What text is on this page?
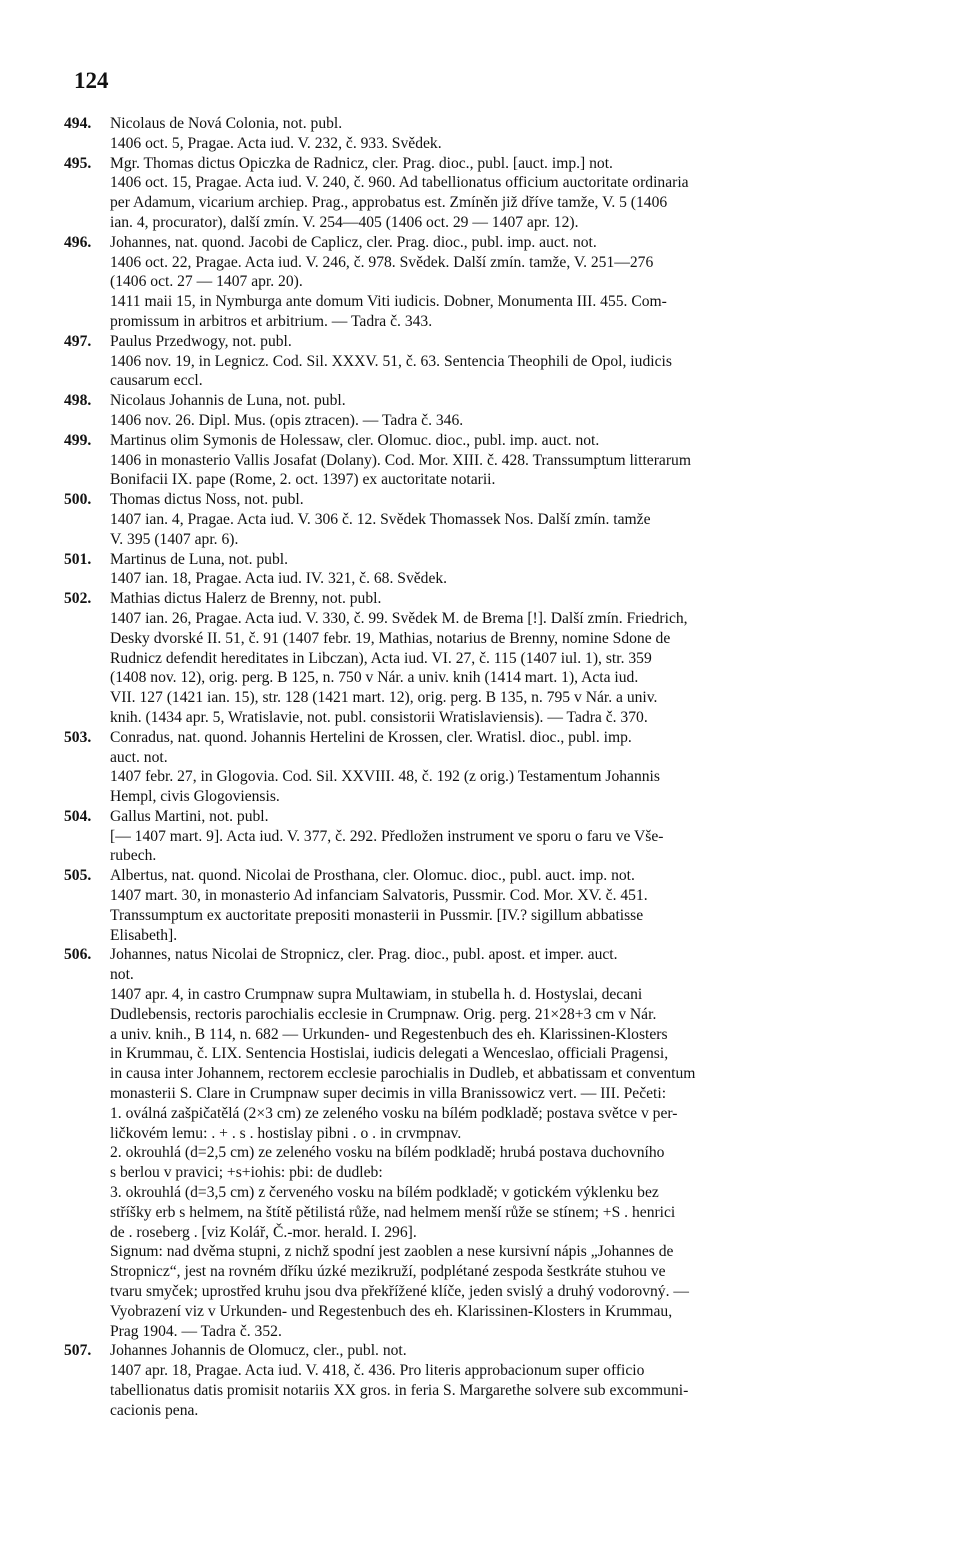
124
494. Nicolaus de Nová Colonia, not. publ.
1406 oct. 5, Pragae. Acta iud. V. 232, č. 933. Svědek.
495. Mgr. Thomas dictus Opiczka de Radnicz, cler. Prag. dioc., publ. [auct. imp.] not.
1406 oct. 15, Pragae. Acta iud. V. 240, č. 960. Ad tabellionatus officium auctoritate ordinaria
per Adamum, vicarium archiep. Prag., approbatus est. Zmíněn již dříve tamže, V. 5 (1406
ian. 4, procurator), další zmín. V. 254—405 (1406 oct. 29 — 1407 apr. 12).
496. Johannes, nat. quond. Jacobi de Caplicz, cler. Prag. dioc., publ. imp. auct. not.
1406 oct. 22, Pragae. Acta iud. V. 246, č. 978. Svědek. Další zmín. tamže, V. 251—276
(1406 oct. 27 — 1407 apr. 20).
1411 maii 15, in Nymburga ante domum Viti iudicis. Dobner, Monumenta III. 455. Com-
promissum in arbitros et arbitrium. — Tadra č. 343.
497. Paulus Przedwogy, not. publ.
1406 nov. 19, in Legnicz. Cod. Sil. XXXV. 51, č. 63. Sentencia Theophili de Opol, iudicis
causarum eccl.
498. Nicolaus Johannis de Luna, not. publ.
1406 nov. 26. Dipl. Mus. (opis ztracen). — Tadra č. 346.
499. Martinus olim Symonis de Holessaw, cler. Olomuc. dioc., publ. imp. auct. not.
1406 in monasterio Vallis Josafat (Dolany). Cod. Mor. XIII. č. 428. Transsumptum litterarum
Bonifacii IX. pape (Rome, 2. oct. 1397) ex auctoritate notarii.
500. Thomas dictus Noss, not. publ.
1407 ian. 4, Pragae. Acta iud. V. 306 č. 12. Svědek Thomassek Nos. Další zmín. tamže
V. 395 (1407 apr. 6).
501. Martinus de Luna, not. publ.
1407 ian. 18, Pragae. Acta iud. IV. 321, č. 68. Svědek.
502. Mathias dictus Halerz de Brenny, not. publ.
1407 ian. 26, Pragae. Acta iud. V. 330, č. 99. Svědek M. de Brema [!]. Další zmín. Friedrich,
Desky dvorské II. 51, č. 91 (1407 febr. 19, Mathias, notarius de Brenny, nomine Sdone de
Rudnicz defendit hereditates in Libczan), Acta iud. VI. 27, č. 115 (1407 iul. 1), str. 359
(1408 nov. 12), orig. perg. B 125, n. 750 v Nár. a univ. knih (1414 mart. 1), Acta iud.
VII. 127 (1421 ian. 15), str. 128 (1421 mart. 12), orig. perg. B 135, n. 795 v Nár. a univ.
knih. (1434 apr. 5, Wratislavie, not. publ. consistorii Wratislaviensis). — Tadra č. 370.
503. Conradus, nat. quond. Johannis Hertelini de Krossen, cler. Wratisl. dioc., publ. imp.
auct. not.
1407 febr. 27, in Glogovia. Cod. Sil. XXVIII. 48, č. 192 (z orig.) Testamentum Johannis
Hempl, civis Glogoviensis.
504. Gallus Martini, not. publ.
[— 1407 mart. 9]. Acta iud. V. 377, č. 292. Předložen instrument ve sporu o faru ve Vše-
rubech.
505. Albertus, nat. quond. Nicolai de Prosthana, cler. Olomuc. dioc., publ. auct. imp. not.
1407 mart. 30, in monasterio Ad infanciam Salvatoris, Pussmir. Cod. Mor. XV. č. 451.
Transsumptum ex auctoritate prepositi monasterii in Pussmir. [IV.? sigillum abbatisse
Elisabeth].
506. Johannes, natus Nicolai de Stropnicz, cler. Prag. dioc., publ. apost. et imper. auct.
not.
1407 apr. 4, in castro Crumpnaw supra Multawiam, in stubella h. d. Hostyslai, decani
Dudlebensis, rectoris parochialis ecclesie in Crumpnaw. Orig. perg. 21×28+3 cm v Nár.
a univ. knih., B 114, n. 682 — Urkunden- und Regestenbuch des eh. Klarissinen-Klosters
in Krummau, č. LIX. Sentencia Hostislai, iudicis delegati a Wenceslao, officiali Pragensi,
in causa inter Johannem, rectorem ecclesie parochialis in Dudleb, et abbatissam et conventum
monasterii S. Clare in Crumpnaw super decimis in villa Branissowicz vert. — III. Pečeti:
1. oválná zašpičatělá (2×3 cm) ze zeleného vosku na bílém podkladě; postava světce v per-
ličkovém lemu: . + . s . hostislay pibni . o . in crvmpnav.
2. okrouhlá (d=2,5 cm) ze zeleného vosku na bílém podkladě; hrubá postava duchovního
s berlou v pravici; +s+iohis: pbi: de dudleb:
3. okrouhlá (d=3,5 cm) z červeného vosku na bílém podkladě; v gotickém výklenku bez
stříšky erb s helmem, na štítě pětilistá růže, nad helmem menší růže se stínem; +S . henrici
de . roseberg . [viz Kolář, Č.-mor. herald. I. 296].
Signum: nad dvěma stupni, z nichž spodní jest zaoblen a nese kursivní nápis „Johannes de
Stropnicz“, jest na rovném dříku úzké mezikruží, podplétané zespoda šestkráte stuhou ve
tvaru smyček; uprostřed kruhu jsou dva překřížené klíče, jeden svislý a druhý vodorovný. —
Vyobrazení viz v Urkunden- und Regestenbuch des eh. Klarissinen-Klosters in Krummau,
Prag 1904. — Tadra č. 352.
507. Johannes Johannis de Olomucz, cler., publ. not.
1407 apr. 18, Pragae. Acta iud. V. 418, č. 436. Pro literis approbacionum super officio
tabellionatus datis promisit notariis XX gros. in feria S. Margarethe solvere sub excommuni-
cacionis pena.
